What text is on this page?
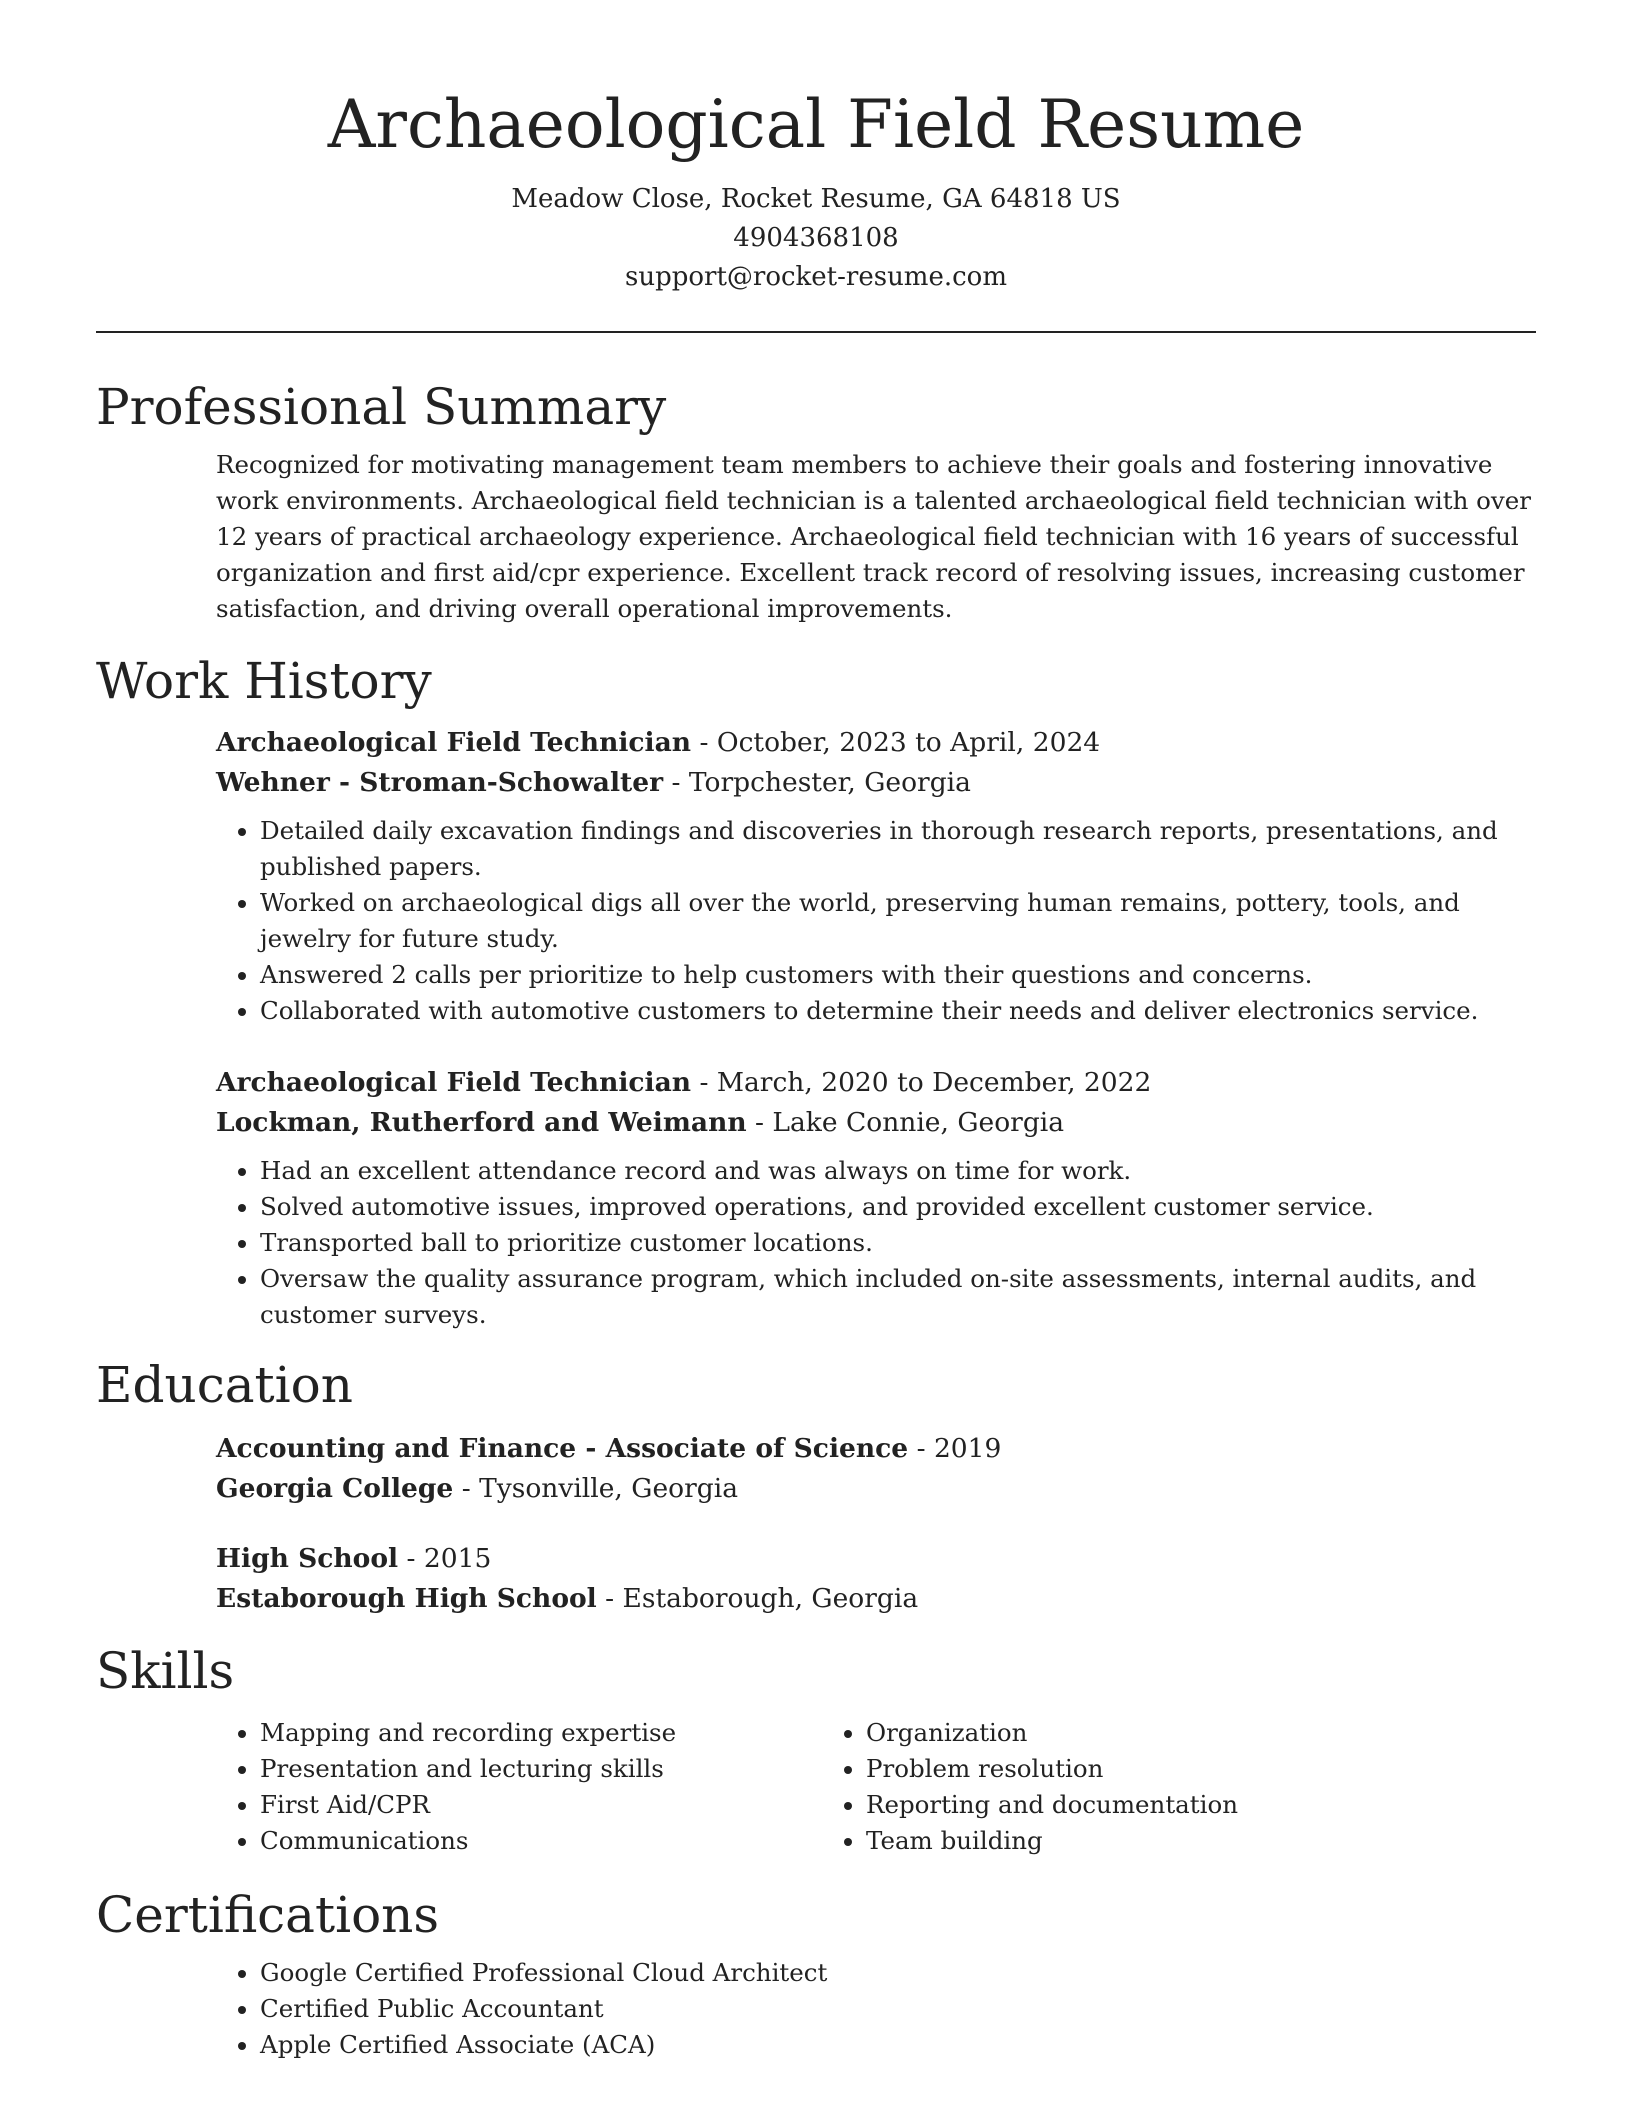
Archaeological Field Resume
Meadow Close, Rocket Resume, GA 64818 US
4904368108
support@rocket-resume.com
Professional Summary
Recognized for motivating management team members to achieve their goals and fostering innovative work environments. Archaeological field technician is a talented archaeological field technician with over 12 years of practical archaeology experience. Archaeological field technician with 16 years of successful organization and first aid/cpr experience. Excellent track record of resolving issues, increasing customer satisfaction, and driving overall operational improvements.
Work History
Archaeological Field Technician - October, 2023 to April, 2024
Wehner - Stroman-Schowalter - Torpchester, Georgia
• Detailed daily excavation findings and discoveries in thorough research reports, presentations, and published papers.
• Worked on archaeological digs all over the world, preserving human remains, pottery, tools, and jewelry for future study.
• Answered 2 calls per prioritize to help customers with their questions and concerns.
• Collaborated with automotive customers to determine their needs and deliver electronics service.
Archaeological Field Technician - March, 2020 to December, 2022
Lockman, Rutherford and Weimann - Lake Connie, Georgia
• Had an excellent attendance record and was always on time for work.
• Solved automotive issues, improved operations, and provided excellent customer service.
• Transported ball to prioritize customer locations.
• Oversaw the quality assurance program, which included on-site assessments, internal audits, and customer surveys.
Education
Accounting and Finance - Associate of Science - 2019
Georgia College - Tysonville, Georgia
High School - 2015
Estaborough High School - Estaborough, Georgia
Skills
• Mapping and recording expertise
• Presentation and lecturing skills
• First Aid/CPR
• Communications
• Organization
• Problem resolution
• Reporting and documentation
• Team building
Certifications
• Google Certified Professional Cloud Architect
• Certified Public Accountant
• Apple Certified Associate (ACA)
